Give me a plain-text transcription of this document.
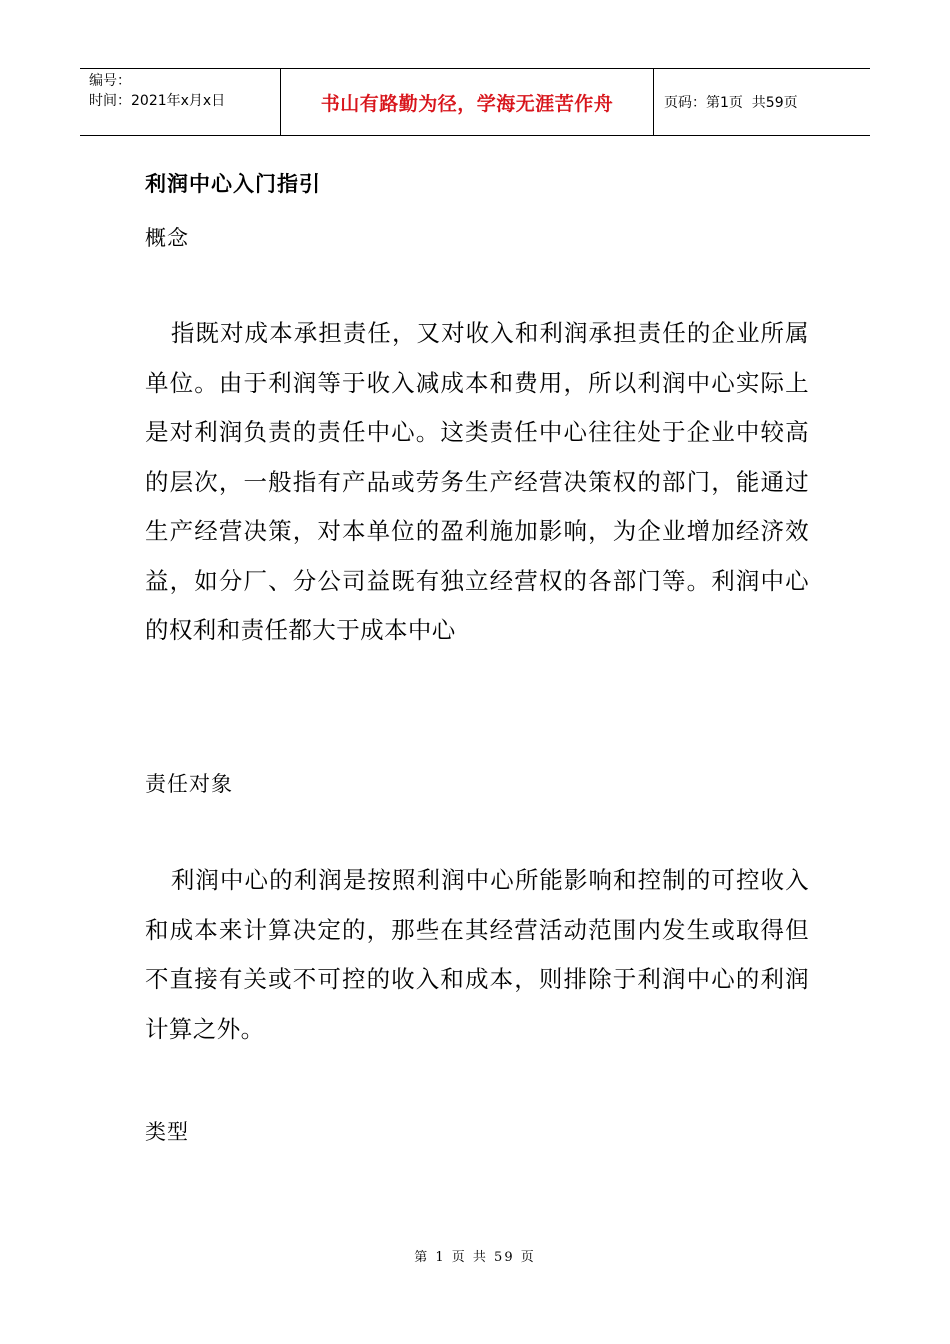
编号：
时间：2021年x月x日	书山有路勤为径，学海无涯苦作舟	页码：第1页  共59页
利润中心入门指引
概念
指既对成本承担责任，又对收入和利润承担责任的企业所属单位。由于利润等于收入减成本和费用，所以利润中心实际上是对利润负责的责任中心。这类责任中心往往处于企业中较高的层次，一般指有产品或劳务生产经营决策权的部门，能通过生产经营决策，对本单位的盈利施加影响，为企业增加经济效益，如分厂、分公司益既有独立经营权的各部门等。利润中心的权利和责任都大于成本中心
责任对象
利润中心的利润是按照利润中心所能影响和控制的可控收入和成本来计算决定的，那些在其经营活动范围内发生或取得但不直接有关或不可控的收入和成本，则排除于利润中心的利润计算之外。
类型
第 1 页 共 59 页
